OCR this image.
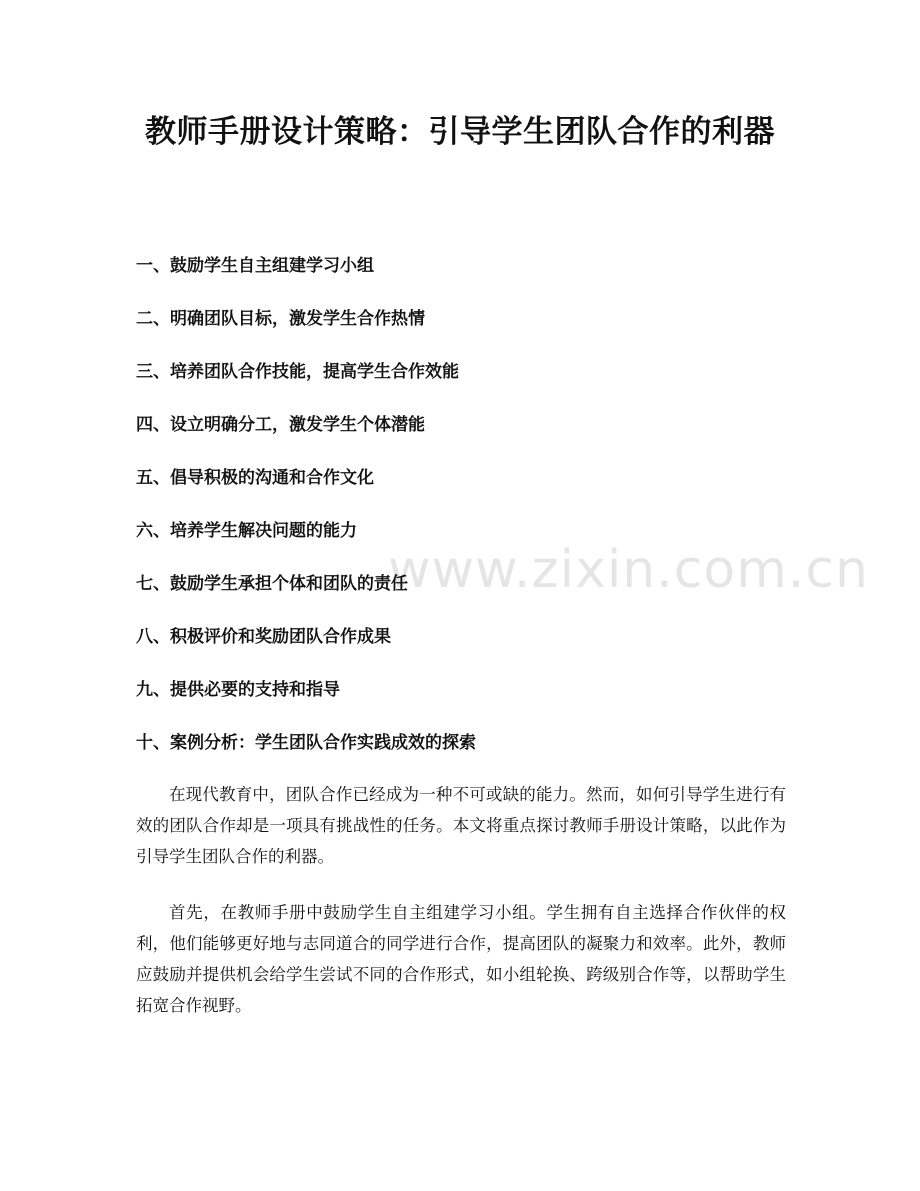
教师手册设计策略：引导学生团队合作的利器
一、鼓励学生自主组建学习小组
二、明确团队目标，激发学生合作热情
三、培养团队合作技能，提高学生合作效能
四、设立明确分工，激发学生个体潜能
五、倡导积极的沟通和合作文化
六、培养学生解决问题的能力
七、鼓励学生承担个体和团队的责任
八、积极评价和奖励团队合作成果
九、提供必要的支持和指导
十、案例分析：学生团队合作实践成效的探索

在现代教育中，团队合作已经成为一种不可或缺的能力。然而，如何引导学生进行有效的团队合作却是一项具有挑战性的任务。本文将重点探讨教师手册设计策略，以此作为引导学生团队合作的利器。

首先，在教师手册中鼓励学生自主组建学习小组。学生拥有自主选择合作伙伴的权利，他们能够更好地与志同道合的同学进行合作，提高团队的凝聚力和效率。此外，教师应鼓励并提供机会给学生尝试不同的合作形式，如小组轮换、跨级别合作等，以帮助学生拓宽合作视野。

www.zixin.com.cn
